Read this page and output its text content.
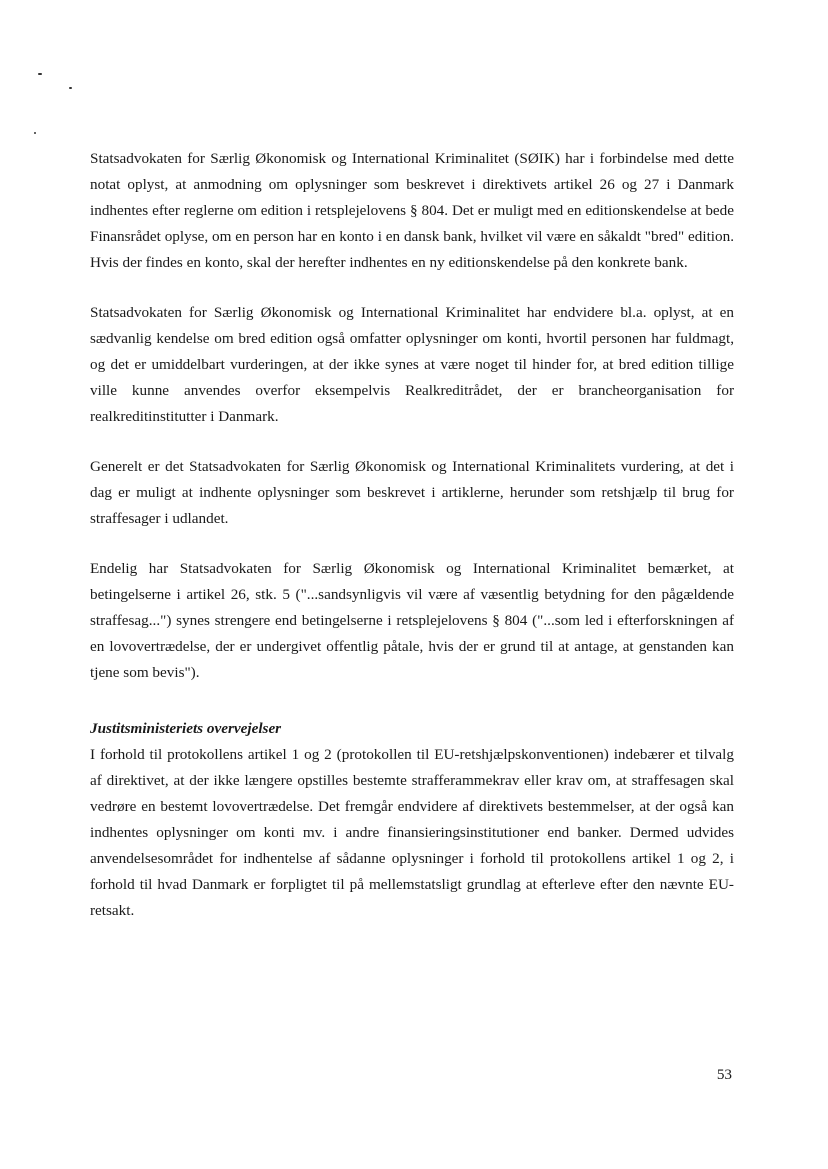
Statsadvokaten for Særlig Økonomisk og International Kriminalitet (SØIK) har i forbindelse med dette notat oplyst, at anmodning om oplysninger som beskrevet i direktivets artikel 26 og 27 i Danmark indhentes efter reglerne om edition i retsplejelovens § 804. Det er muligt med en editionskendelse at bede Finansrådet oplyse, om en person har en konto i en dansk bank, hvilket vil være en såkaldt "bred" edition. Hvis der findes en konto, skal der herefter indhentes en ny editionskendelse på den konkrete bank.

Statsadvokaten for Særlig Økonomisk og International Kriminalitet har endvidere bl.a. oplyst, at en sædvanlig kendelse om bred edition også omfatter oplysninger om konti, hvortil personen har fuldmagt, og det er umiddelbart vurderingen, at der ikke synes at være noget til hinder for, at bred edition tillige ville kunne anvendes overfor eksempelvis Realkreditrådet, der er brancheorganisation for realkreditinstitutter i Danmark.

Generelt er det Statsadvokaten for Særlig Økonomisk og International Kriminalitets vurdering, at det i dag er muligt at indhente oplysninger som beskrevet i artiklerne, herunder som retshjælp til brug for straffesager i udlandet.

Endelig har Statsadvokaten for Særlig Økonomisk og International Kriminalitet bemærket, at betingelserne i artikel 26, stk. 5 ("...sandsynligvis vil være af væsentlig betydning for den pågældende straffesag...") synes strengere end betingelserne i retsplejelovens § 804 ("...som led i efterforskningen af en lovovertrædelse, der er undergivet offentlig påtale, hvis der er grund til at antage, at genstanden kan tjene som bevis").

Justitsministeriets overvejelser

I forhold til protokollens artikel 1 og 2 (protokollen til EU-retshjælpskonventionen) indebærer et tilvalg af direktivet, at der ikke længere opstilles bestemte strafferammekrav eller krav om, at straffesagen skal vedrøre en bestemt lovovertrædelse. Det fremgår endvidere af direktivets bestemmelser, at der også kan indhentes oplysninger om konti mv. i andre finansieringsinstitutioner end banker. Dermed udvides anvendelsesområdet for indhentelse af sådanne oplysninger i forhold til protokollens artikel 1 og 2, i forhold til hvad Danmark er forpligtet til på mellemstatsligt grundlag at efterleve efter den nævnte EU-retsakt.

53
